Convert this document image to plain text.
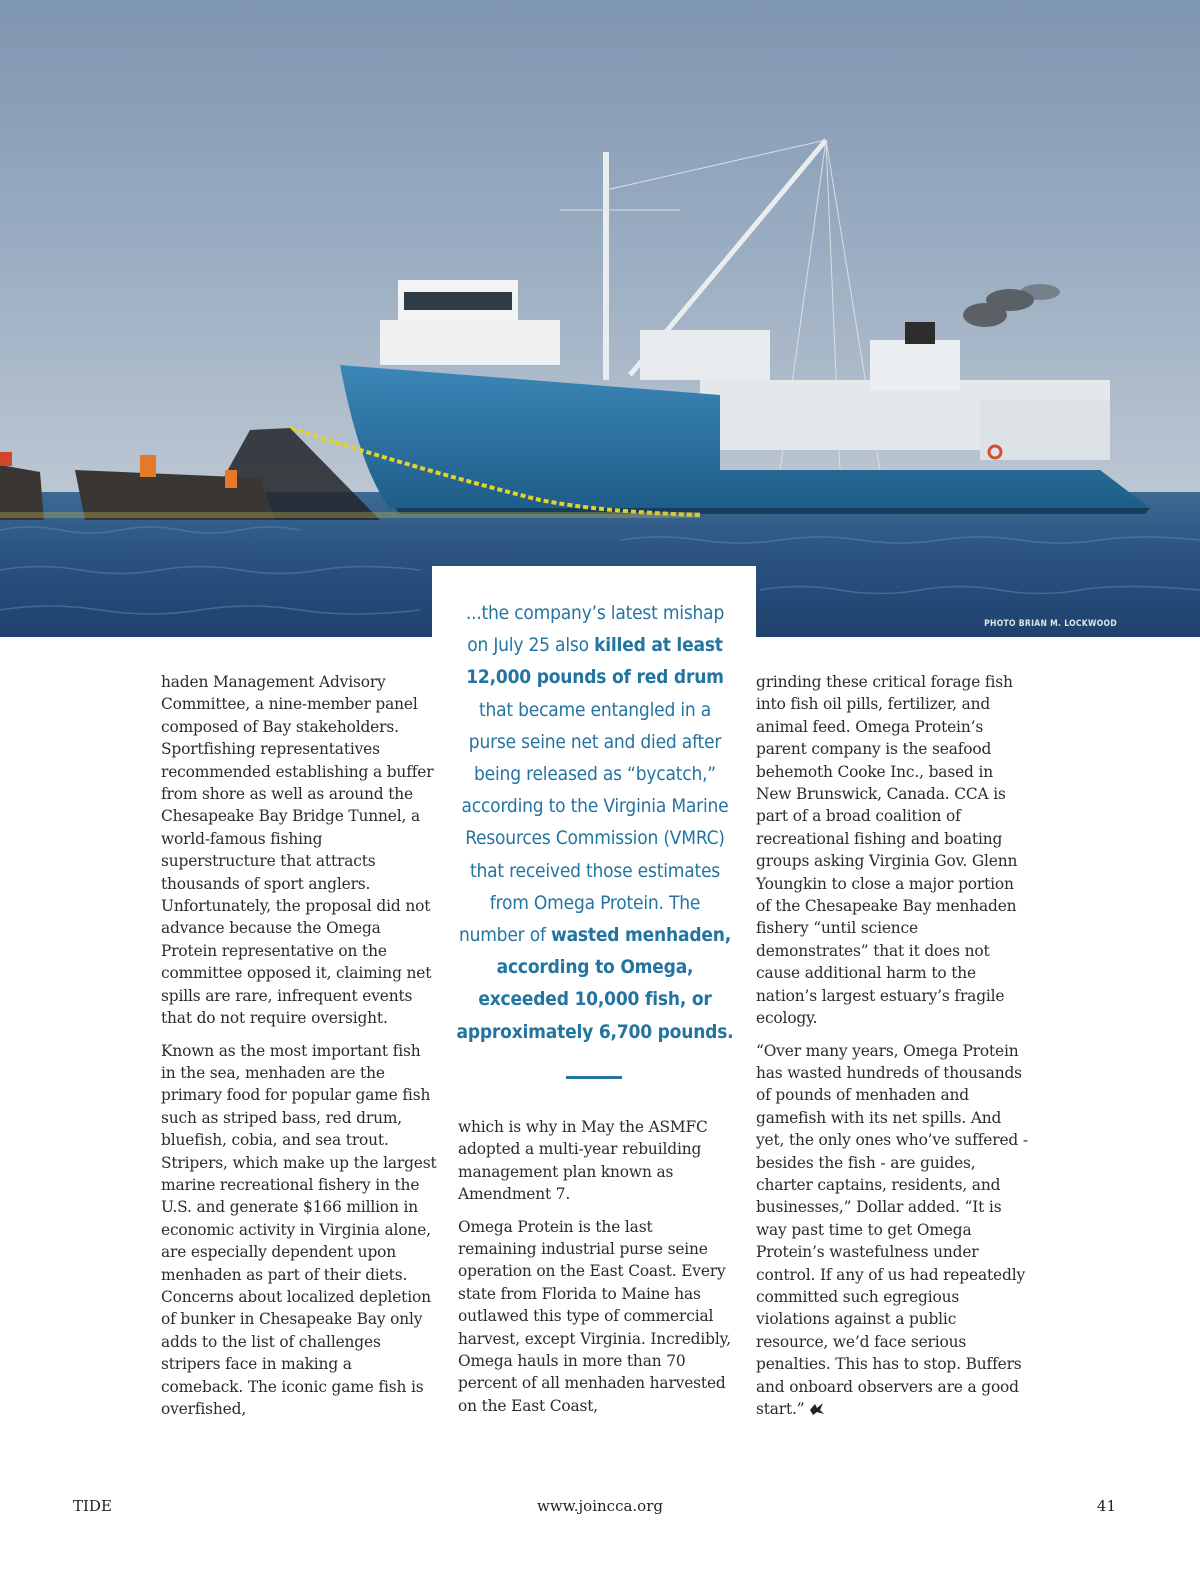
PHOTO BRIAN M. LOCKWOOD
...the company’s latest mishap on July 25 also killed at least 12,000 pounds of red drum that became entangled in a purse seine net and died after being released as “bycatch,” according to the Virginia Marine Resources Commission (VMRC) that received those estimates from Omega Protein. The number of wasted menhaden, according to Omega, exceeded 10,000 fish, or approximately 6,700 pounds.

haden Management Advisory Committee, a nine-member panel composed of Bay stakeholders. Sportfishing representatives recommended establishing a buffer from shore as well as around the Chesapeake Bay Bridge Tunnel, a world-famous fishing superstructure that attracts thousands of sport anglers. Unfortunately, the proposal did not advance because the Omega Protein representative on the committee opposed it, claiming net spills are rare, infrequent events that do not require oversight.

Known as the most important fish in the sea, menhaden are the primary food for popular game fish such as striped bass, red drum, bluefish, cobia, and sea trout. Stripers, which make up the largest marine recreational fishery in the U.S. and generate $166 million in economic activity in Virginia alone, are especially dependent upon menhaden as part of their diets. Concerns about localized depletion of bunker in Chesapeake Bay only adds to the list of challenges stripers face in making a comeback. The iconic game fish is overfished,

which is why in May the ASMFC adopted a multi-year rebuilding management plan known as Amendment 7.

Omega Protein is the last remaining industrial purse seine operation on the East Coast. Every state from Florida to Maine has outlawed this type of commercial harvest, except Virginia. Incredibly, Omega hauls in more than 70 percent of all menhaden harvested on the East Coast,

grinding these critical forage fish into fish oil pills, fertilizer, and animal feed. Omega Protein’s parent company is the seafood behemoth Cooke Inc., based in New Brunswick, Canada. CCA is part of a broad coalition of recreational fishing and boating groups asking Virginia Gov. Glenn Youngkin to close a major portion of the Chesapeake Bay menhaden fishery “until science demonstrates” that it does not cause additional harm to the nation’s largest estuary’s fragile ecology.

“Over many years, Omega Protein has wasted hundreds of thousands of pounds of menhaden and gamefish with its net spills. And yet, the only ones who’ve suffered - besides the fish - are guides, charter captains, residents, and businesses,” Dollar added. “It is way past time to get Omega Protein’s wastefulness under control. If any of us had repeatedly committed such egregious violations against a public resource, we’d face serious penalties. This has to stop. Buffers and onboard observers are a good start.”

TIDE	www.joincca.org	41
